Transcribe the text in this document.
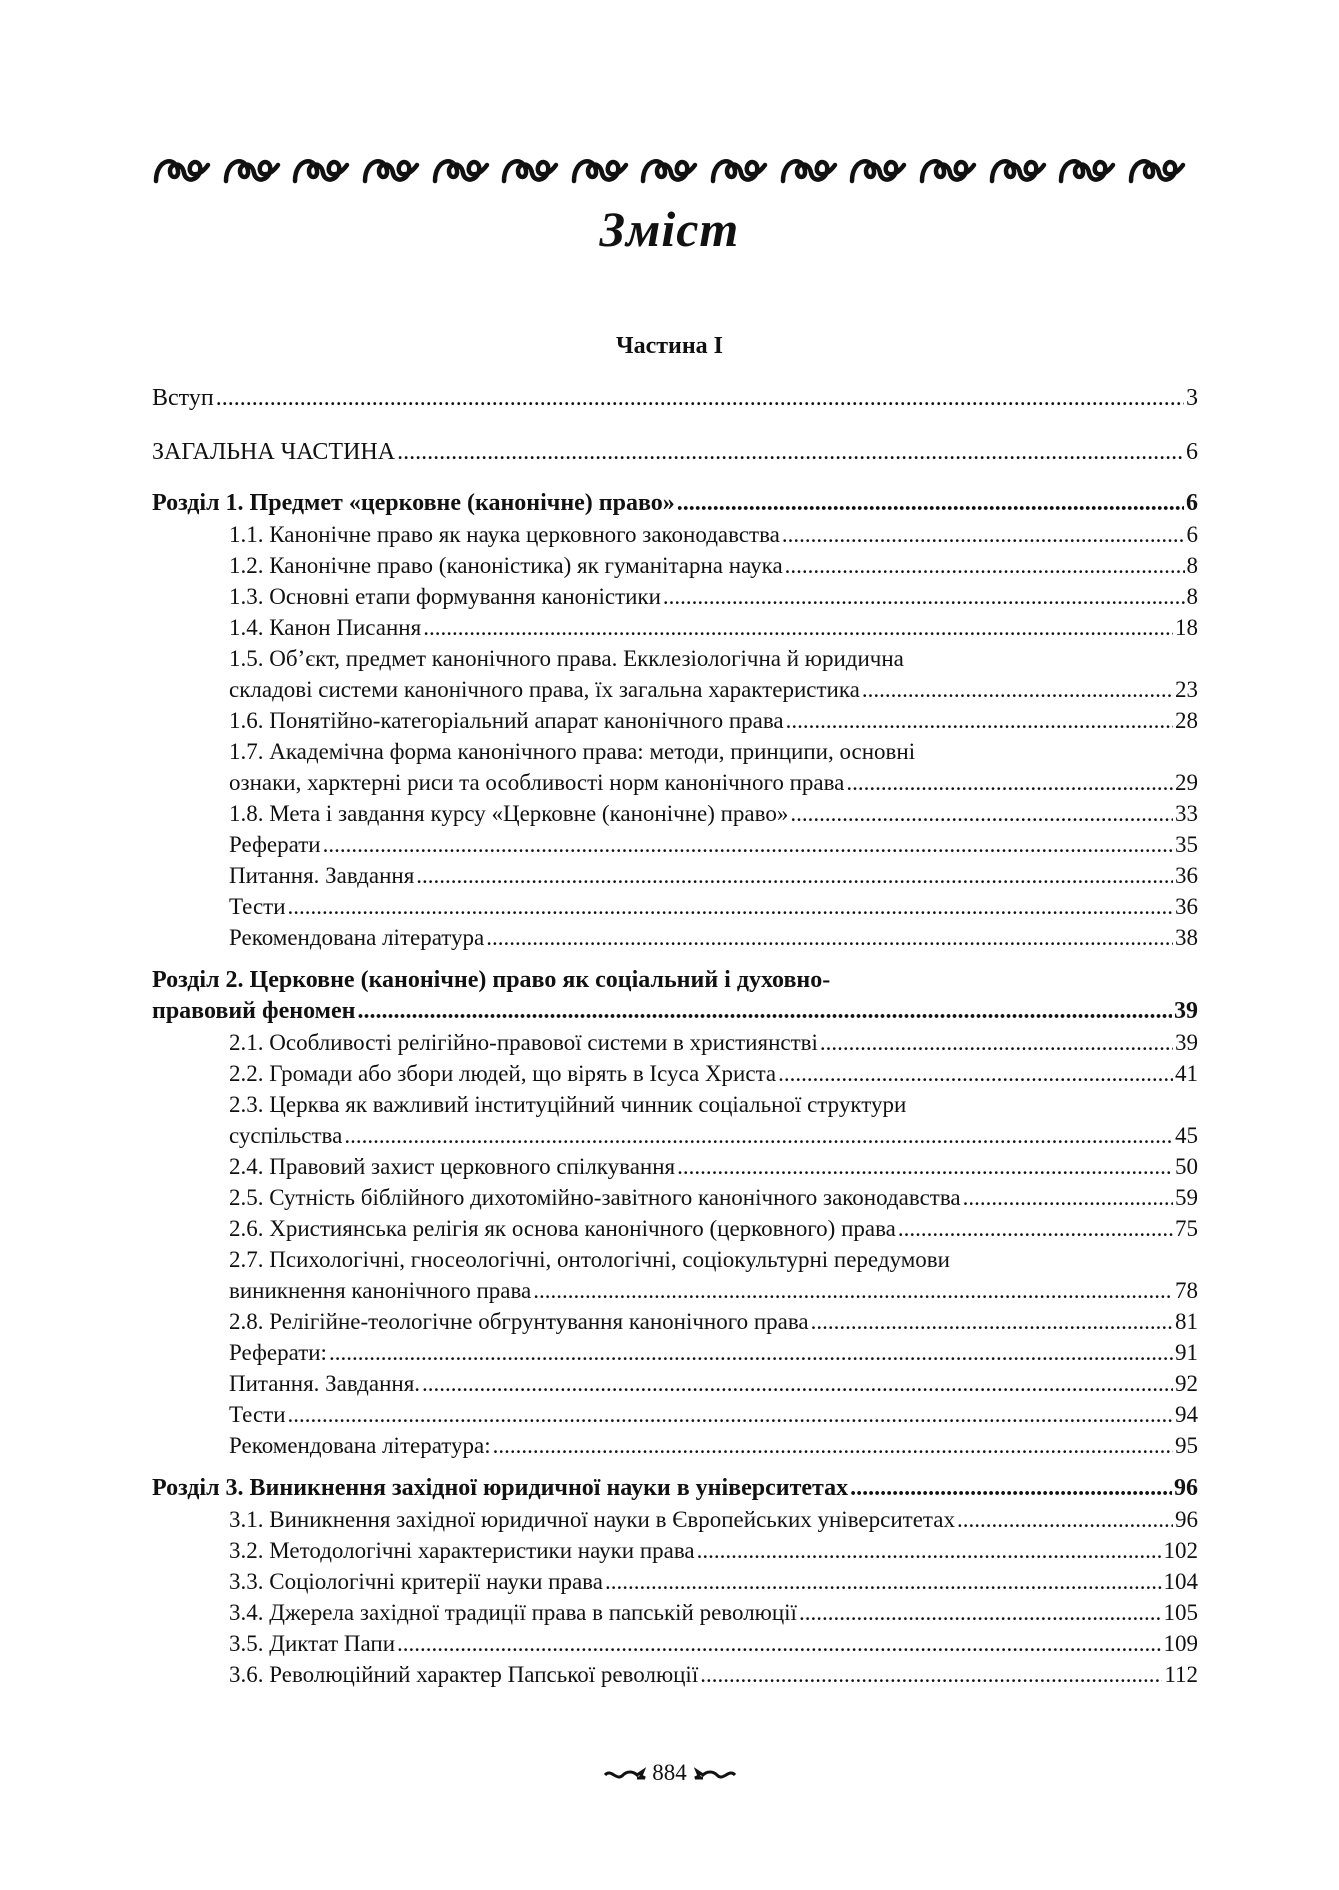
Зміст
Частина І
Вступ .....	3
ЗАГАЛЬНА ЧАСТИНА .....	6
Розділ 1. Предмет «церковне (канонічне) право» .....	6
1.1. Канонічне право як наука церковного законодавства .....	6
1.2. Канонічне право (каноністика) як гуманітарна наука .....	8
1.3. Основні етапи формування каноністики .....	8
1.4. Канон Писання .....	18
1.5. Об’єкт, предмет канонічного права. Екклезіологічна й юридична
складові системи канонічного права, їх загальна характеристика .....	23
1.6. Понятійно-категоріальний апарат канонічного права .....	28
1.7. Академічна форма канонічного права: методи, принципи, основні
ознаки, харктерні риси та особливості норм канонічного права .....	29
1.8. Мета і завдання курсу «Церковне (канонічне) право» .....	33
Реферати .....	35
Питання. Завдання .....	36
Тести .....	36
Рекомендована література .....	38
Розділ 2. Церковне (канонічне) право як соціальний і духовно-
правовий феномен .....	39
2.1. Особливості релігійно-правової системи в християнстві .....	39
2.2. Громади або збори людей, що вірять в Ісуса Христа .....	41
2.3. Церква як важливий інституційний чинник соціальної структури
суспільства .....	45
2.4. Правовий захист церковного спілкування .....	50
2.5. Сутність біблійного дихотомійно-завітного канонічного законодавства .....	59
2.6. Християнська релігія як основа канонічного (церковного) права .....	75
2.7. Психологічні, гносеологічні, онтологічні, соціокультурні передумови
виникнення канонічного права .....	78
2.8. Релігійне-теологічне обгрунтування канонічного права .....	81
Реферати: .....	91
Питання. Завдання. .....	92
Тести .....	94
Рекомендована література: .....	95
Розділ 3. Виникнення західної юридичної науки в університетах .....	96
3.1. Виникнення західної юридичної науки в Європейських університетах .....	96
3.2. Методологічні характеристики науки права .....	102
3.3. Соціологічні критерії науки права .....	104
3.4. Джерела західної традиції права в папській революції .....	105
3.5. Диктат Папи .....	109
3.6. Революційний характер Папської революції .....	112
884
